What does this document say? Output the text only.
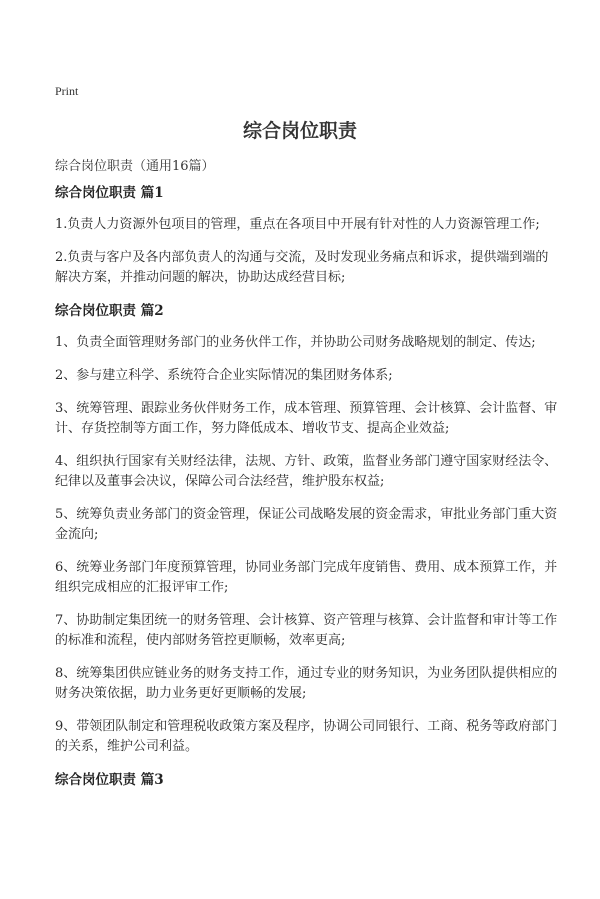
Print
综合岗位职责
综合岗位职责（通用16篇）
综合岗位职责 篇1

1.负责人力资源外包项目的管理，重点在各项目中开展有针对性的人力资源管理工作;

2.负责与客户及各内部负责人的沟通与交流，及时发现业务痛点和诉求，提供端到端的解决方案，并推动问题的解决，协助达成经营目标;

综合岗位职责 篇2

1、负责全面管理财务部门的业务伙伴工作，并协助公司财务战略规划的制定、传达;

2、参与建立科学、系统符合企业实际情况的集团财务体系;

3、统筹管理、跟踪业务伙伴财务工作，成本管理、预算管理、会计核算、会计监督、审计、存货控制等方面工作，努力降低成本、增收节支、提高企业效益;

4、组织执行国家有关财经法律，法规、方针、政策，监督业务部门遵守国家财经法令、纪律以及董事会决议，保障公司合法经营，维护股东权益;

5、统筹负责业务部门的资金管理，保证公司战略发展的资金需求，审批业务部门重大资金流向;

6、统筹业务部门年度预算管理，协同业务部门完成年度销售、费用、成本预算工作，并组织完成相应的汇报评审工作;

7、协助制定集团统一的财务管理、会计核算、资产管理与核算、会计监督和审计等工作的标准和流程，使内部财务管控更顺畅，效率更高;

8、统筹集团供应链业务的财务支持工作，通过专业的财务知识，为业务团队提供相应的财务决策依据，助力业务更好更顺畅的发展;

9、带领团队制定和管理税收政策方案及程序，协调公司同银行、工商、税务等政府部门的关系，维护公司利益。

综合岗位职责 篇3
